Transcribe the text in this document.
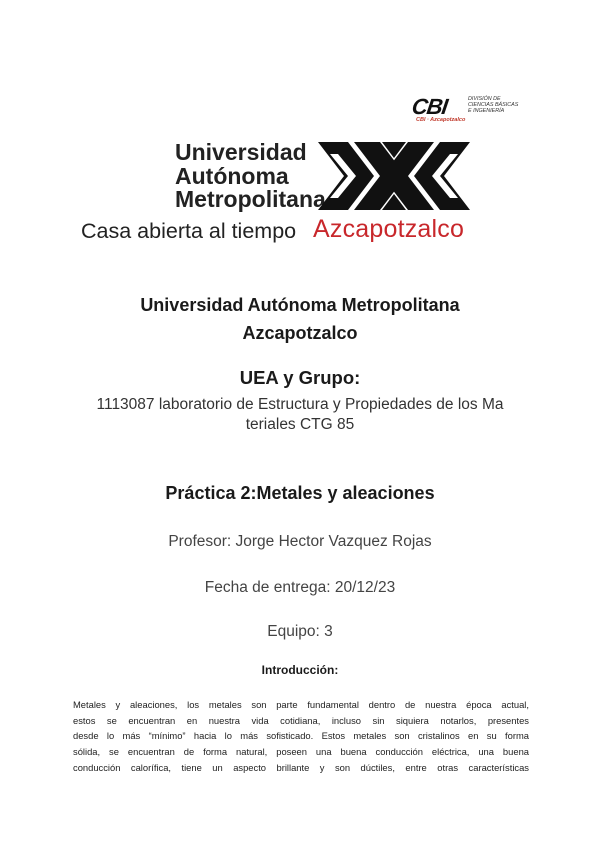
CBI	DIVISIÓN DE
CIENCIAS BÁSICAS
E INGENIERÍA
CBI · Azcapotzalco
Universidad
Autónoma
Metropolitana
Casa abierta al tiempo Azcapotzalco
Universidad Autónoma Metropolitana
Azcapotzalco
UEA y Grupo:
1113087 laboratorio de Estructura y Propiedades de los Ma
teriales CTG 85
Práctica 2:Metales y aleaciones
Profesor: Jorge Hector Vazquez Rojas
Fecha de entrega: 20/12/23
Equipo: 3
Introducción:
Metales y aleaciones, los metales son parte fundamental dentro de nuestra época actual,
estos se encuentran en nuestra vida cotidiana, incluso sin siquiera notarlos, presentes
desde lo más “mínimo” hacia lo más sofisticado. Estos metales son cristalinos en su forma
sólida, se encuentran de forma natural, poseen una buena conducción eléctrica, una buena
conducción calorífica, tiene un aspecto brillante y son dúctiles, entre otras características
